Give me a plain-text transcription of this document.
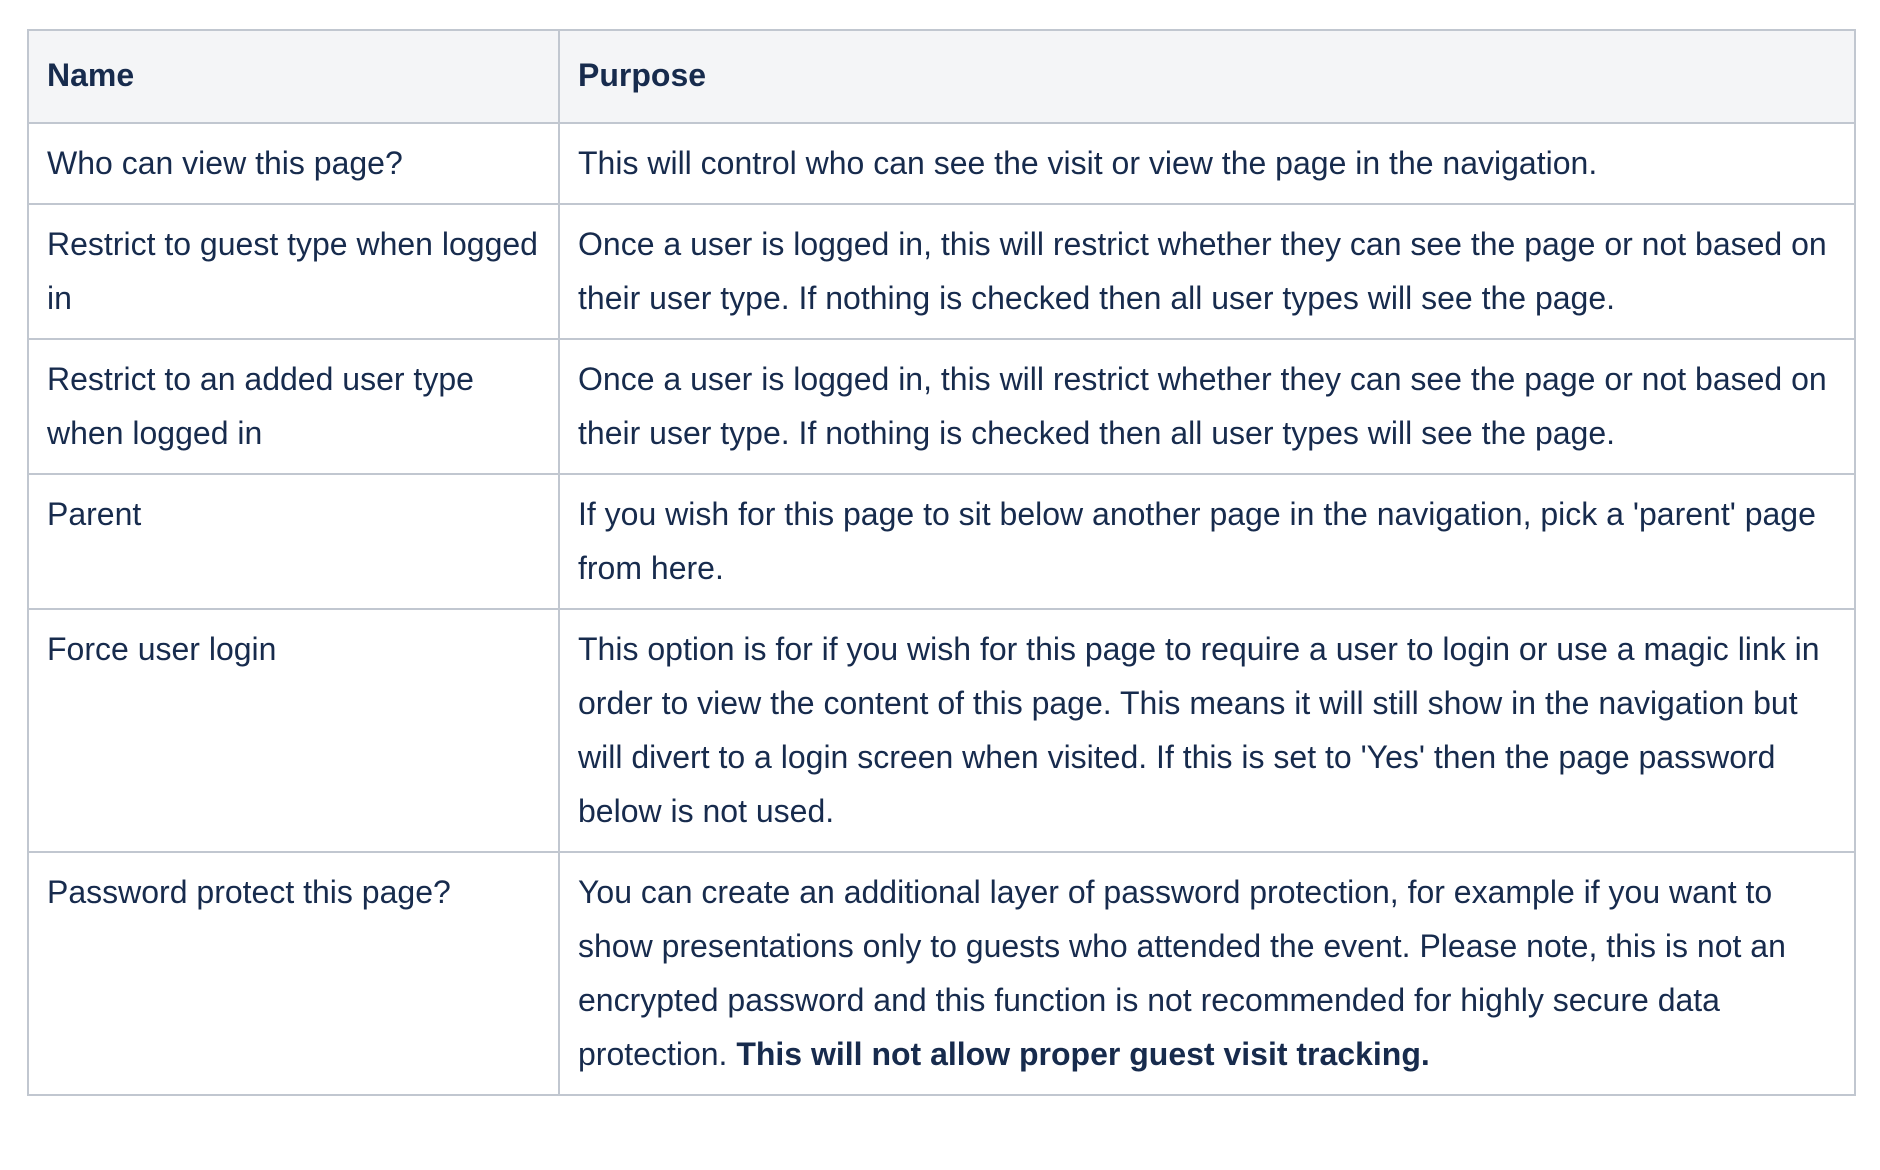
Name	Purpose
Who can view this page?	This will control who can see the visit or view the page in the navigation.
Restrict to guest type when logged in	Once a user is logged in, this will restrict whether they can see the page or not based on their user type. If nothing is checked then all user types will see the page.
Restrict to an added user type when logged in	Once a user is logged in, this will restrict whether they can see the page or not based on their user type. If nothing is checked then all user types will see the page.
Parent	If you wish for this page to sit below another page in the navigation, pick a 'parent' page from here.
Force user login	This option is for if you wish for this page to require a user to login or use a magic link in order to view the content of this page. This means it will still show in the navigation but will divert to a login screen when visited. If this is set to 'Yes' then the page password below is not used.
Password protect this page?	You can create an additional layer of password protection, for example if you want to show presentations only to guests who attended the event. Please note, this is not an encrypted password and this function is not recommended for highly secure data protection. This will not allow proper guest visit tracking.
